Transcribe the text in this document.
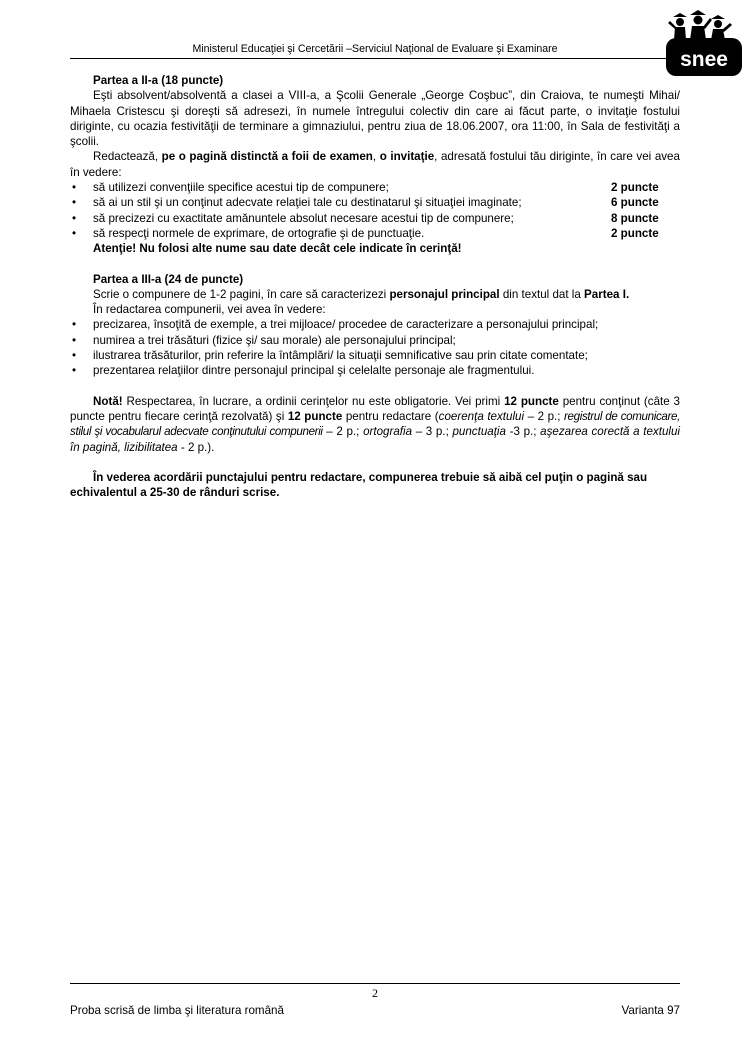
Ministerul Educaţiei şi Cercetării –Serviciul Naţional de Evaluare şi Examinare	snee

Partea a II-a (18 puncte)

Eşti absolvent/absolventă a clasei a VIII-a, a Şcolii Generale „George Coşbuc”, din Craiova, te numeşti Mihai/ Mihaela Cristescu şi doreşti să adresezi, în numele întregului colectiv din care ai făcut parte, o invitaţie fostului diriginte, cu ocazia festivităţii de terminare a gimnaziului, pentru ziua de 18.06.2007, ora 11:00, în Sala de festivităţi a şcolii.

Redactează, pe o pagină distinctă a foii de examen, o invitaţie, adresată fostului tău diriginte, în care vei avea în vedere:

• să utilizezi convenţiile specifice acestui tip de compunere;	2 puncte
• să ai un stil şi un conţinut adecvate relaţiei tale cu destinatarul şi situaţiei imaginate;	6 puncte
• să precizezi cu exactitate amănuntele absolut necesare acestui tip de compunere;	8 puncte
• să respecţi normele de exprimare, de ortografie şi de punctuaţie.	2 puncte

Atenţie! Nu folosi alte nume sau date decât cele indicate în cerinţă!

Partea a III-a (24 de puncte)

Scrie o compunere de 1-2 pagini, în care să caracterizezi personajul principal din textul dat la Partea I.

În redactarea compunerii, vei avea în vedere:

• precizarea, însoţită de exemple, a trei mijloace/ procedee de caracterizare a personajului principal;
• numirea a trei trăsături (fizice şi/ sau morale) ale personajului principal;
• ilustrarea trăsăturilor, prin referire la întâmplări/ la situaţii semnificative sau prin citate comentate;
• prezentarea relaţiilor dintre personajul principal şi celelalte personaje ale fragmentului.

Notă! Respectarea, în lucrare, a ordinii cerinţelor nu este obligatorie. Vei primi 12 puncte pentru conţinut (câte 3 puncte pentru fiecare cerinţă rezolvată) şi 12 puncte pentru redactare (coerenţa textului – 2 p.; registrul de comunicare, stilul şi vocabularul adecvate conţinutului compunerii – 2 p.; ortografia – 3 p.; punctuaţia -3 p.; aşezarea corectă a textului în pagină, lizibilitatea - 2 p.).

În vederea acordării punctajului pentru redactare, compunerea trebuie să aibă cel puţin o pagină sau echivalentul a 25-30 de rânduri scrise.

2
Proba scrisă de limba şi literatura română	Varianta 97
